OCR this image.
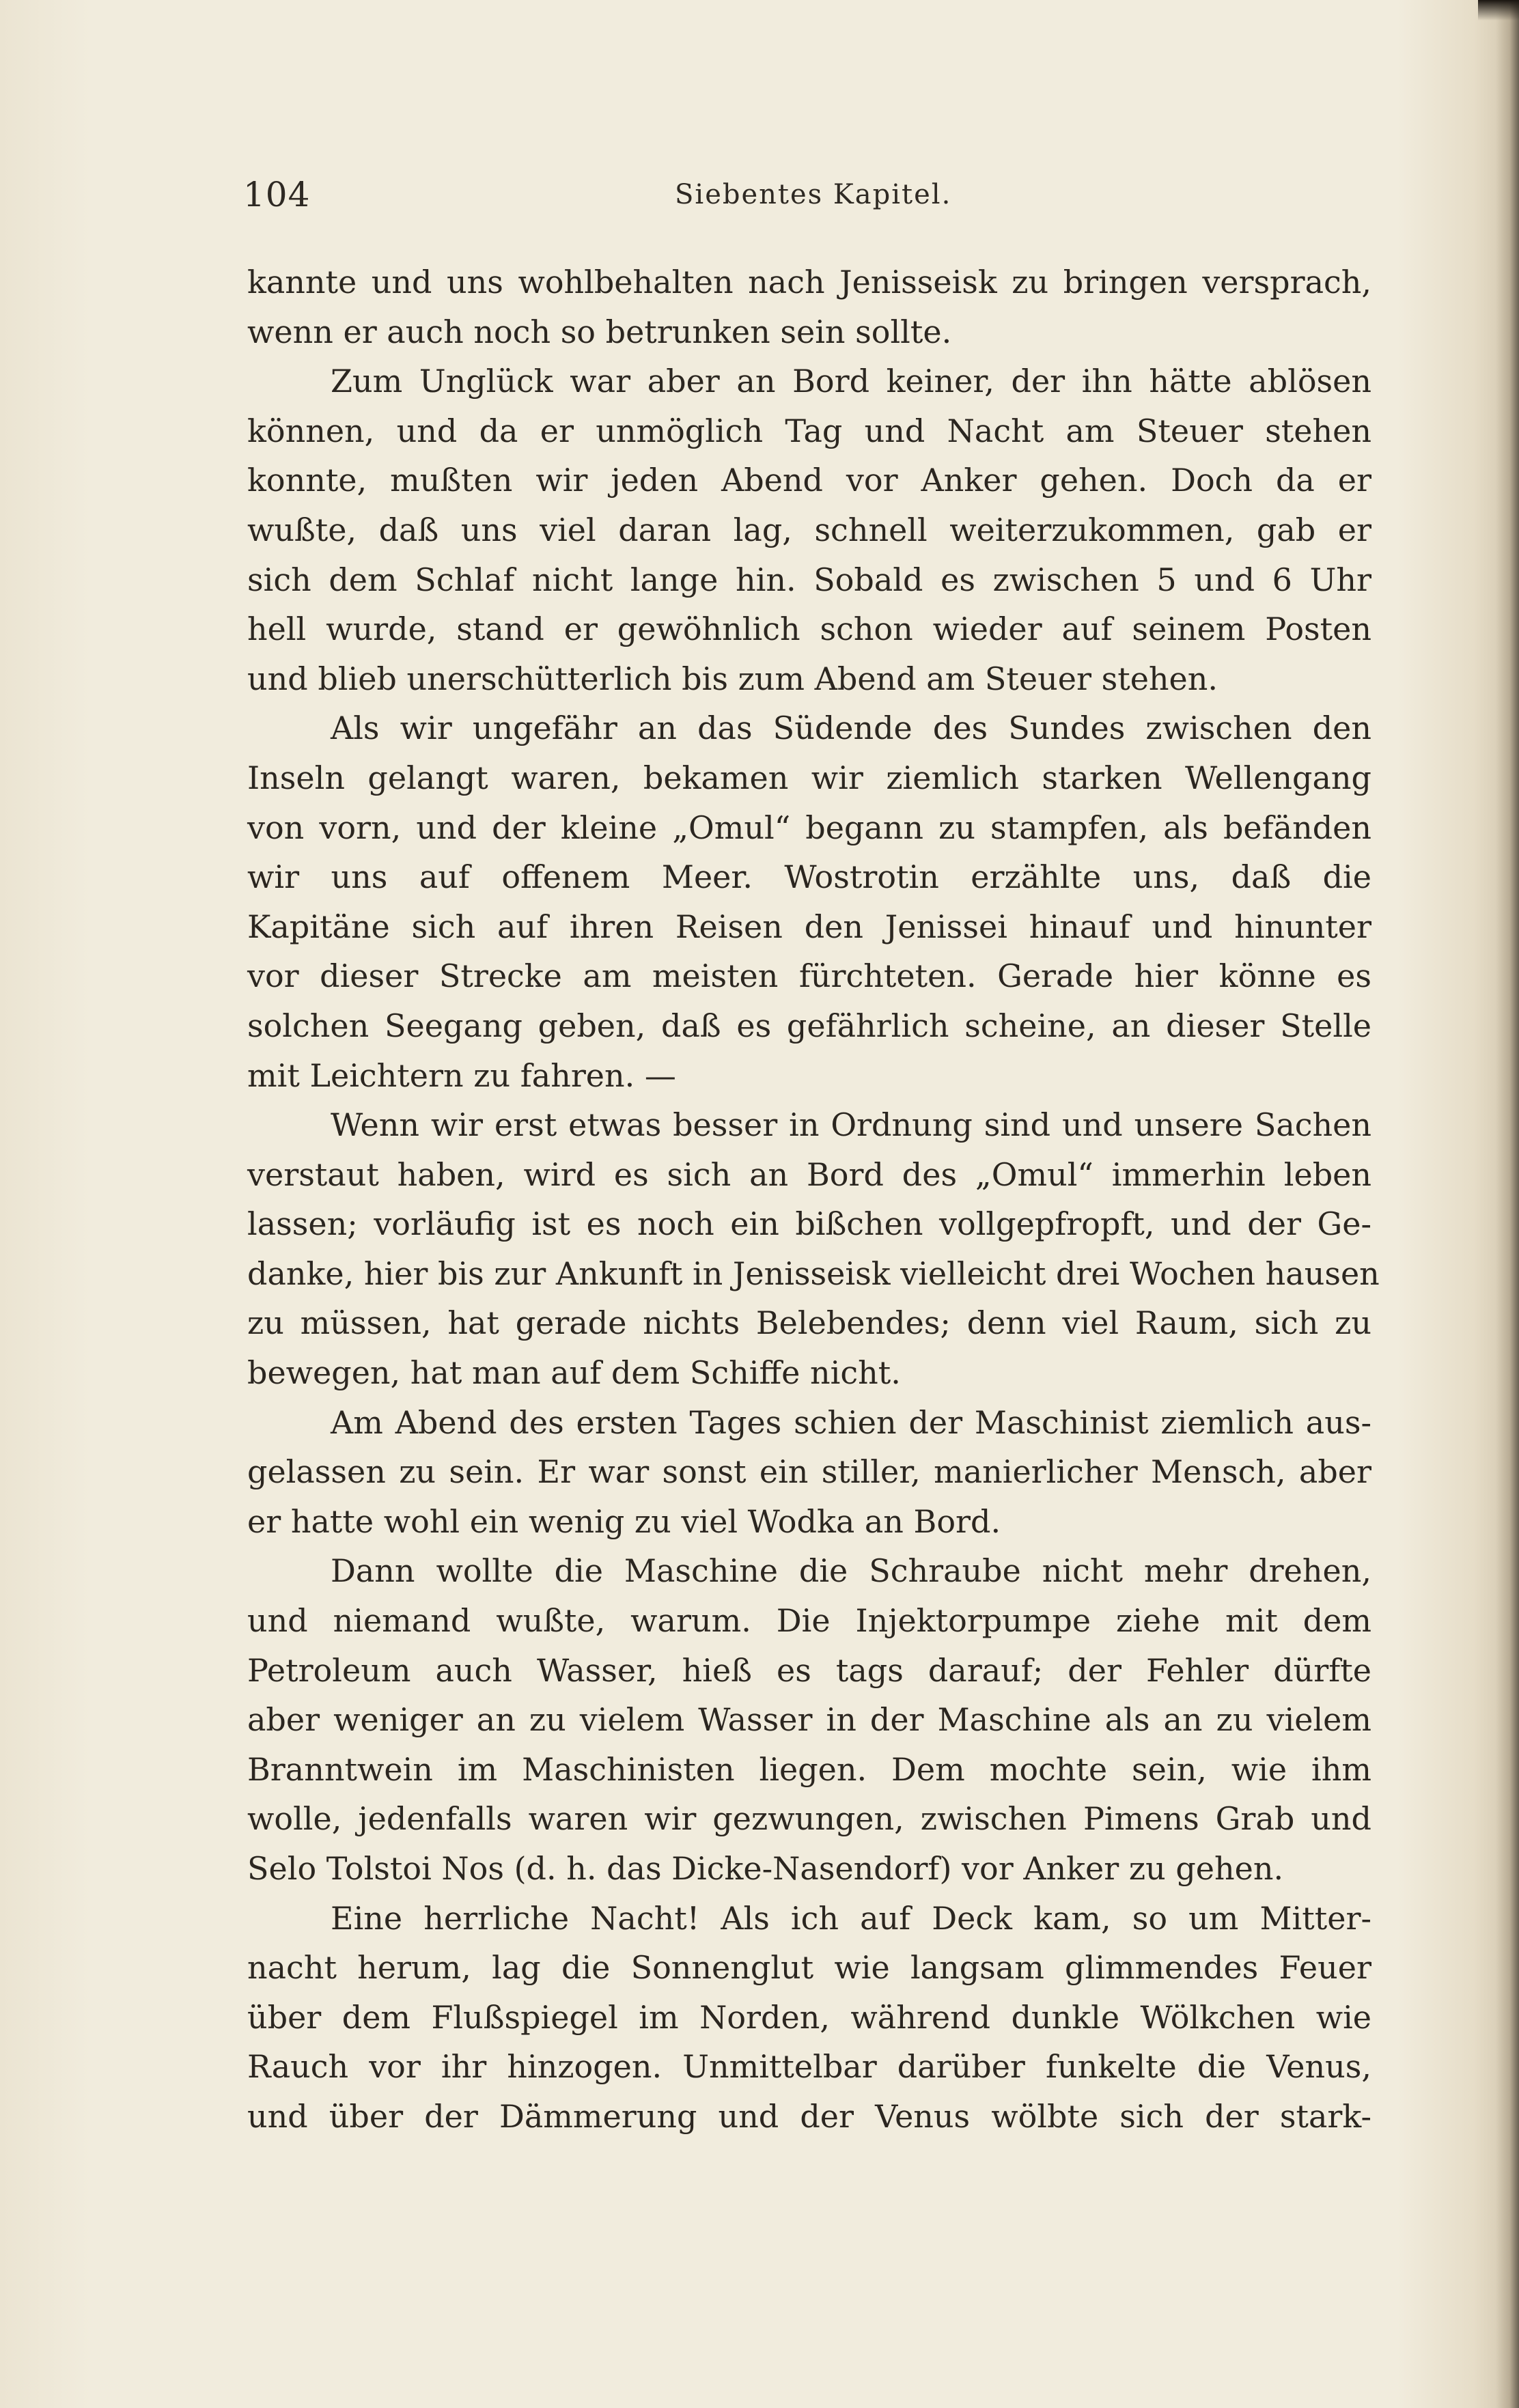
104	Siebentes Kapitel.
kannte und uns wohlbehalten nach Jenisseisk zu bringen versprach,
wenn er auch noch so betrunken sein sollte.
Zum Unglück war aber an Bord keiner, der ihn hätte ablösen
können, und da er unmöglich Tag und Nacht am Steuer stehen
konnte, mußten wir jeden Abend vor Anker gehen. Doch da er
wußte, daß uns viel daran lag, schnell weiterzukommen, gab er
sich dem Schlaf nicht lange hin. Sobald es zwischen 5 und 6 Uhr
hell wurde, stand er gewöhnlich schon wieder auf seinem Posten
und blieb unerschütterlich bis zum Abend am Steuer stehen.
Als wir ungefähr an das Südende des Sundes zwischen den
Inseln gelangt waren, bekamen wir ziemlich starken Wellengang
von vorn, und der kleine „Omul“ begann zu stampfen, als befänden
wir uns auf offenem Meer. Wostrotin erzählte uns, daß die
Kapitäne sich auf ihren Reisen den Jenissei hinauf und hinunter
vor dieser Strecke am meisten fürchteten. Gerade hier könne es
solchen Seegang geben, daß es gefährlich scheine, an dieser Stelle
mit Leichtern zu fahren. —
Wenn wir erst etwas besser in Ordnung sind und unsere Sachen
verstaut haben, wird es sich an Bord des „Omul“ immerhin leben
lassen; vorläufig ist es noch ein bißchen vollgepfropft, und der Ge-
danke, hier bis zur Ankunft in Jenisseisk vielleicht drei Wochen hausen
zu müssen, hat gerade nichts Belebendes; denn viel Raum, sich zu
bewegen, hat man auf dem Schiffe nicht.
Am Abend des ersten Tages schien der Maschinist ziemlich aus-
gelassen zu sein. Er war sonst ein stiller, manierlicher Mensch, aber
er hatte wohl ein wenig zu viel Wodka an Bord.
Dann wollte die Maschine die Schraube nicht mehr drehen,
und niemand wußte, warum. Die Injektorpumpe ziehe mit dem
Petroleum auch Wasser, hieß es tags darauf; der Fehler dürfte
aber weniger an zu vielem Wasser in der Maschine als an zu vielem
Branntwein im Maschinisten liegen. Dem mochte sein, wie ihm
wolle, jedenfalls waren wir gezwungen, zwischen Pimens Grab und
Selo Tolstoi Nos (d. h. das Dicke-Nasendorf) vor Anker zu gehen.
Eine herrliche Nacht! Als ich auf Deck kam, so um Mitter-
nacht herum, lag die Sonnenglut wie langsam glimmendes Feuer
über dem Flußspiegel im Norden, während dunkle Wölkchen wie
Rauch vor ihr hinzogen. Unmittelbar darüber funkelte die Venus,
und über der Dämmerung und der Venus wölbte sich der stark-
